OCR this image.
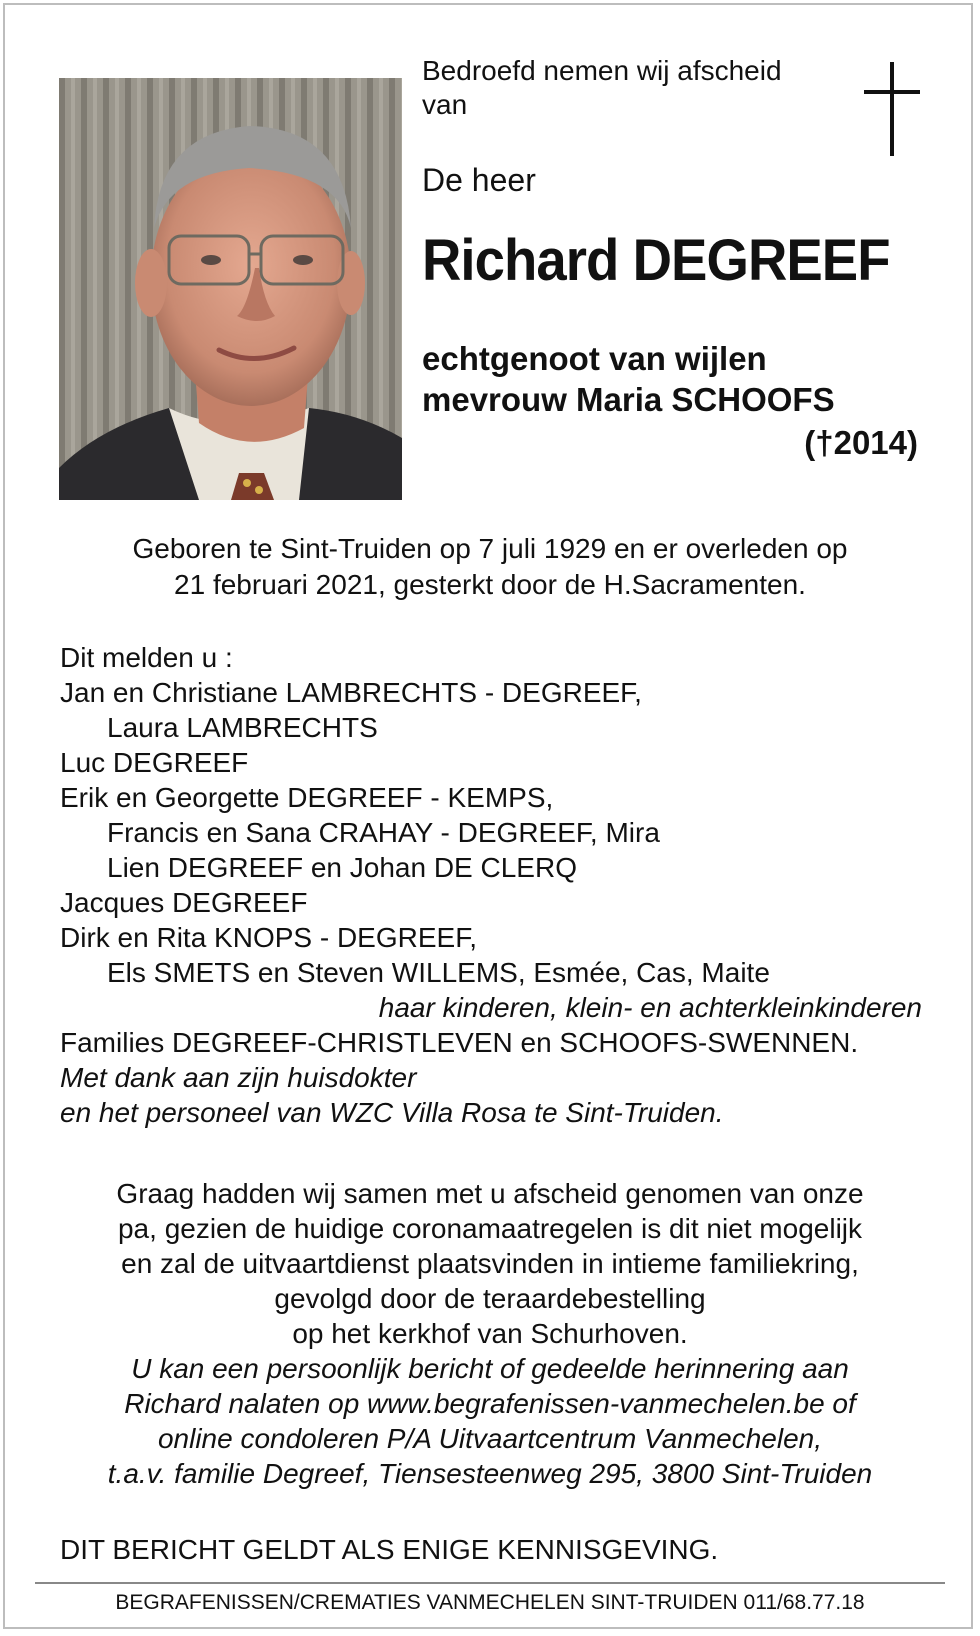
Bedroefd nemen wij afscheid
van
De heer
Richard DEGREEF
echtgenoot van wijlen
mevrouw Maria SCHOOFS
(†2014)
Geboren te Sint-Truiden op 7 juli 1929 en er overleden op
21 februari 2021, gesterkt door de H.Sacramenten.
Dit melden u :
Jan en Christiane LAMBRECHTS - DEGREEF,
Laura LAMBRECHTS
Luc DEGREEF
Erik en Georgette DEGREEF - KEMPS,
Francis en Sana CRAHAY - DEGREEF, Mira
Lien DEGREEF en Johan DE CLERQ
Jacques DEGREEF
Dirk en Rita KNOPS - DEGREEF,
Els SMETS en Steven WILLEMS, Esmée, Cas, Maite
haar kinderen, klein- en achterkleinkinderen
Families DEGREEF-CHRISTLEVEN en SCHOOFS-SWENNEN.
Met dank aan zijn huisdokter
en het personeel van WZC Villa Rosa te Sint-Truiden.
Graag hadden wij samen met u afscheid genomen van onze
pa, gezien de huidige coronamaatregelen is dit niet mogelijk
en zal de uitvaartdienst plaatsvinden in intieme familiekring,
gevolgd door de teraardebestelling
op het kerkhof van Schurhoven.
U kan een persoonlijk bericht of gedeelde herinnering aan
Richard nalaten op www.begrafenissen-vanmechelen.be of
online condoleren P/A Uitvaartcentrum Vanmechelen,
t.a.v. familie Degreef, Tiensesteenweg 295, 3800 Sint-Truiden
DIT BERICHT GELDT ALS ENIGE KENNISGEVING.
BEGRAFENISSEN/CREMATIES VANMECHELEN SINT-TRUIDEN 011/68.77.18
